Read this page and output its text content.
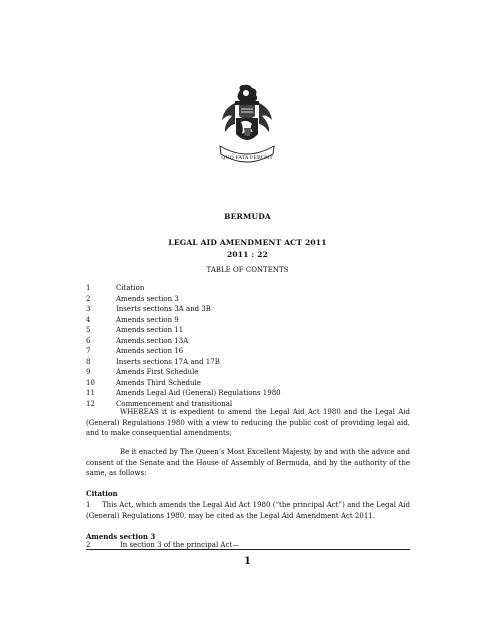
QUO FATA FERUNT
BERMUDA
LEGAL AID AMENDMENT ACT 2011
2011 : 22
TABLE OF CONTENTS
1	Citation
2	Amends section 3
3	Inserts sections 3A and 3B
4	Amends section 9
5	Amends section 11
6	Amends section 13A
7	Amends section 16
8	Inserts sections 17A and 17B
9	Amends First Schedule
10	Amends Third Schedule
11	Amends Legal Aid (General) Regulations 1980
12	Commencement and transitional
WHEREAS it is expedient to amend the Legal Aid Act 1980 and the Legal Aid (General) Regulations 1980 with a view to reducing the public cost of providing legal aid, and to make consequential amendments;
Be it enacted by The Queen’s Most Excellent Majesty, by and with the advice and consent of the Senate and the House of Assembly of Bermuda, and by the authority of the same, as follows:
Citation
1 This Act, which amends the Legal Aid Act 1980 (“the principal Act”) and the Legal Aid (General) Regulations 1980, may be cited as the Legal Aid Amendment Act 2011.
Amends section 3
2	In section 3 of the principal Act—
1
